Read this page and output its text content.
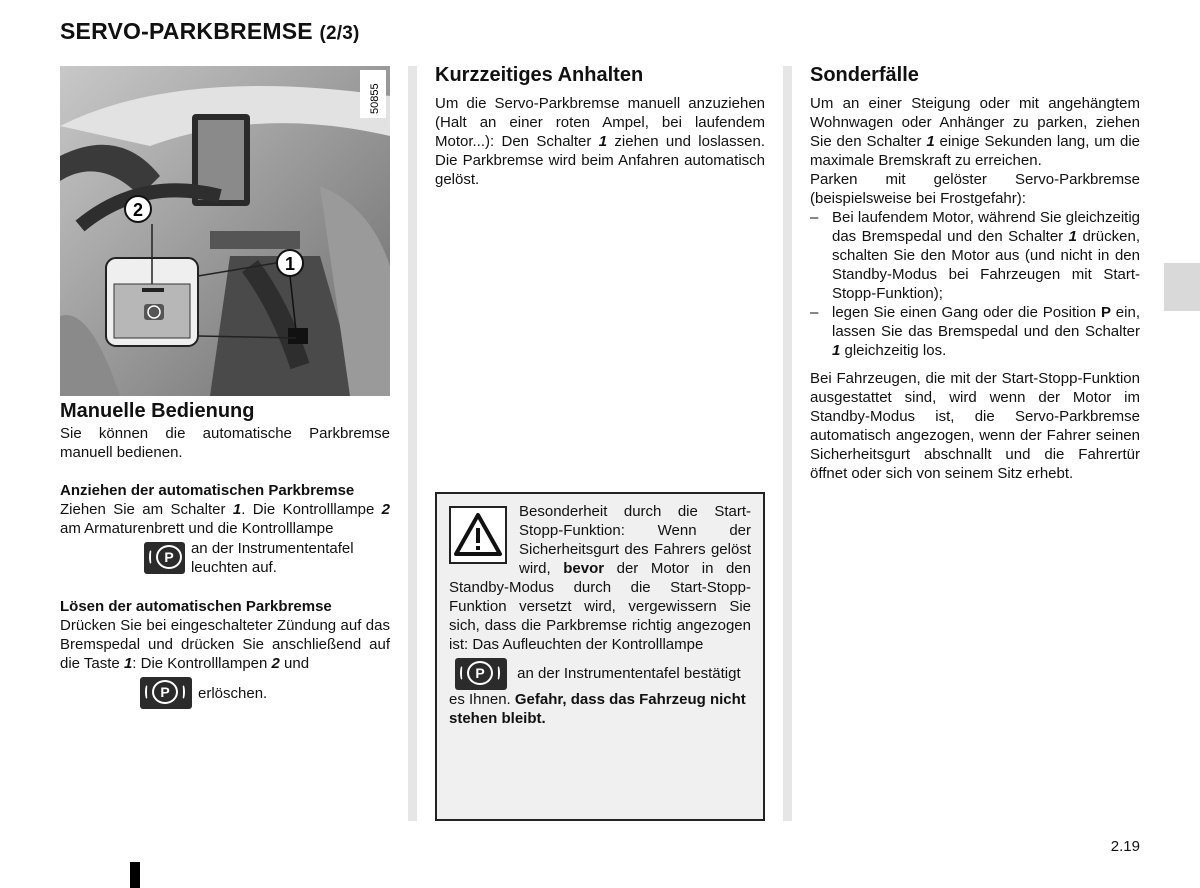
SERVO-PARKBREMSE (2/3)
2
1
50855
Manuelle Bedienung

Sie können die automatische Parkbremse manuell bedienen.

Anziehen der automatischen Parkbremse

Ziehen Sie am Schalter 1. Die Kontrolllampe 2 am Armaturenbrett und die Kontrolllampe

P	an der Instrumententafel leuchten auf.

Lösen der automatischen Parkbremse

Drücken Sie bei eingeschalteter Zündung auf das Bremspedal und drücken Sie anschließend auf die Taste 1: Die Kontrolllampen 2 und

P	erlöschen.
Kurzzeitiges Anhalten

Um die Servo-Parkbremse manuell anzuziehen (Halt an einer roten Ampel, bei laufendem Motor...): Den Schalter 1 ziehen und loslassen. Die Parkbremse wird beim Anfahren automatisch gelöst.

Besonderheit durch die Start-Stopp-Funktion: Wenn der Sicherheitsgurt des Fahrers gelöst wird, bevor der Motor in den Standby-Modus durch die Start-Stopp-Funktion versetzt wird, vergewissern Sie sich, dass die Parkbremse richtig angezogen ist: Das Aufleuchten der Kontrolllampe

P	an der Instrumententafel bestätigt es Ihnen. Gefahr, dass das Fahrzeug nicht stehen bleibt.
Sonderfälle

Um an einer Steigung oder mit angehängtem Wohnwagen oder Anhänger zu parken, ziehen Sie den Schalter 1 einige Sekunden lang, um die maximale Bremskraft zu erreichen.

Parken mit gelöster Servo-Parkbremse (beispielsweise bei Frostgefahr):

– Bei laufendem Motor, während Sie gleichzeitig das Bremspedal und den Schalter 1 drücken, schalten Sie den Motor aus (und nicht in den Standby-Modus bei Fahrzeugen mit Start-Stopp-Funktion);
– legen Sie einen Gang oder die Position P ein, lassen Sie das Bremspedal und den Schalter 1 gleichzeitig los.

Bei Fahrzeugen, die mit der Start-Stopp-Funktion ausgestattet sind, wird wenn der Motor im Standby-Modus ist, die Servo-Parkbremse automatisch angezogen, wenn der Fahrer seinen Sicherheitsgurt abschnallt und die Fahrertür öffnet oder sich von seinem Sitz erhebt.

2.19
